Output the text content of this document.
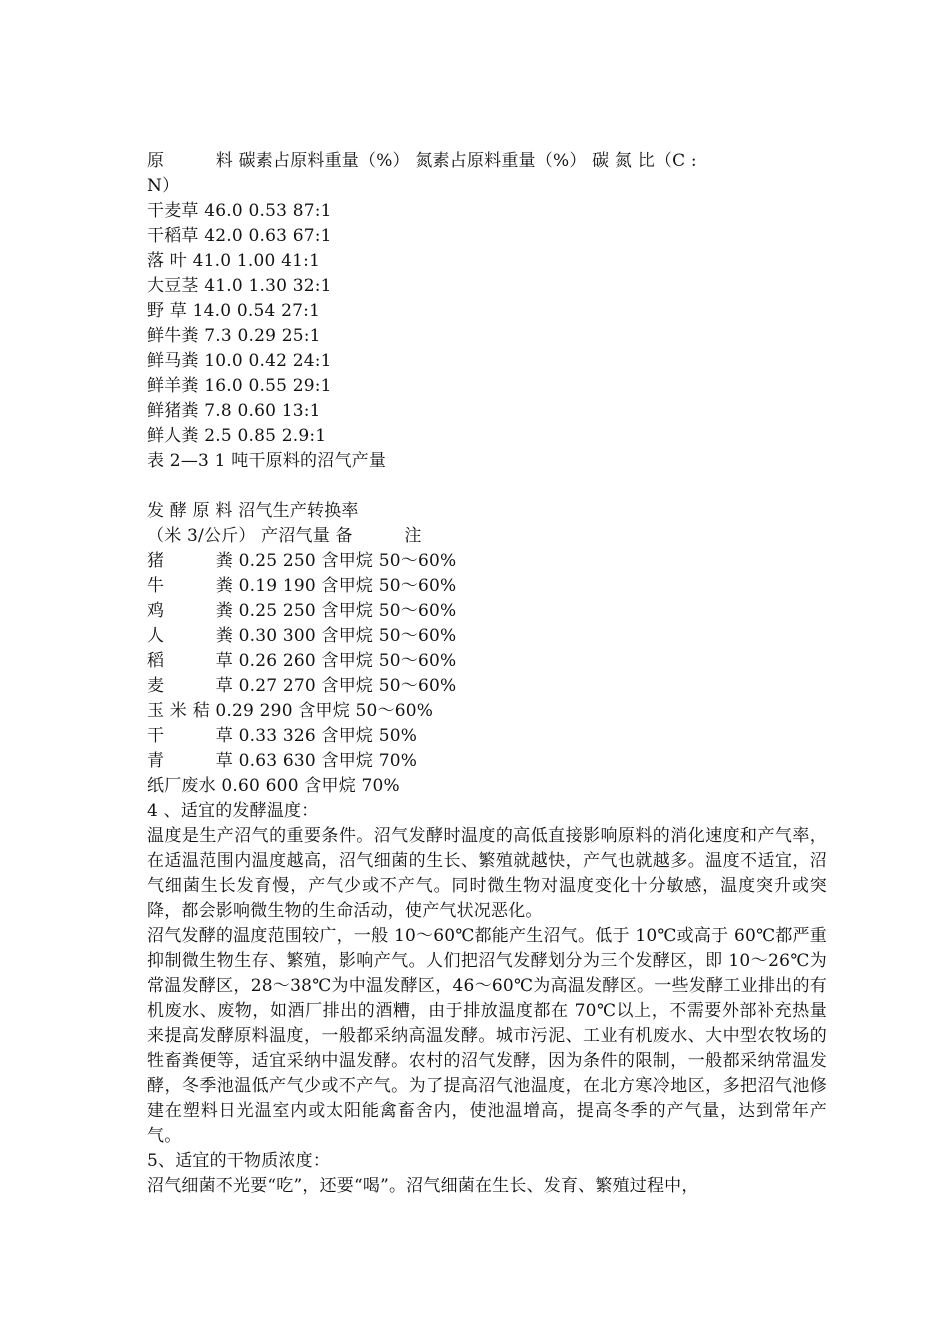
原　　　料 碳素占原料重量（%） 氮素占原料重量（%） 碳 氮 比（C :
N）
干麦草 46.0 0.53 87:1
干稻草 42.0 0.63 67:1
落 叶 41.0 1.00 41:1
大豆茎 41.0 1.30 32:1
野 草 14.0 0.54 27:1
鲜牛粪 7.3 0.29 25:1
鲜马粪 10.0 0.42 24:1
鲜羊粪 16.0 0.55 29:1
鲜猪粪 7.8 0.60 13:1
鲜人粪 2.5 0.85 2.9:1
表 2—3 1 吨干原料的沼气产量
发 酵 原 料 沼气生产转换率
（米 3/公斤） 产沼气量 备　　　注
猪　　　粪 0.25 250 含甲烷 50～60%
牛　　　粪 0.19 190 含甲烷 50～60%
鸡　　　粪 0.25 250 含甲烷 50～60%
人　　　粪 0.30 300 含甲烷 50～60%
稻　　　草 0.26 260 含甲烷 50～60%
麦　　　草 0.27 270 含甲烷 50～60%
玉 米 秸 0.29 290 含甲烷 50～60%
干　　　草 0.33 326 含甲烷 50%
青　　　草 0.63 630 含甲烷 70%
纸厂废水 0.60 600 含甲烷 70%
4 、适宜的发酵温度：
温度是生产沼气的重要条件。沼气发酵时温度的高低直接影响原料的消化速度和产气率，在适温范围内温度越高，沼气细菌的生长、繁殖就越快，产气也就越多。温度不适宜，沼气细菌生长发育慢，产气少或不产气。同时微生物对温度变化十分敏感，温度突升或突降，都会影响微生物的生命活动，使产气状况恶化。
沼气发酵的温度范围较广，一般 10～60℃都能产生沼气。低于 10℃或高于 60℃都严重抑制微生物生存、繁殖，影响产气。人们把沼气发酵划分为三个发酵区，即 10～26℃为常温发酵区，28～38℃为中温发酵区，46～60℃为高温发酵区。一些发酵工业排出的有机废水、废物，如酒厂排出的酒糟，由于排放温度都在 70℃以上，不需要外部补充热量来提高发酵原料温度，一般都采纳高温发酵。城市污泥、工业有机废水、大中型农牧场的牲畜粪便等，适宜采纳中温发酵。农村的沼气发酵，因为条件的限制，一般都采纳常温发酵，冬季池温低产气少或不产气。为了提高沼气池温度，在北方寒冷地区，多把沼气池修建在塑料日光温室内或太阳能禽畜舍内，使池温增高，提高冬季的产气量，达到常年产气。
5、适宜的干物质浓度：
沼气细菌不光要“吃”，还要“喝”。沼气细菌在生长、发育、繁殖过程中，
